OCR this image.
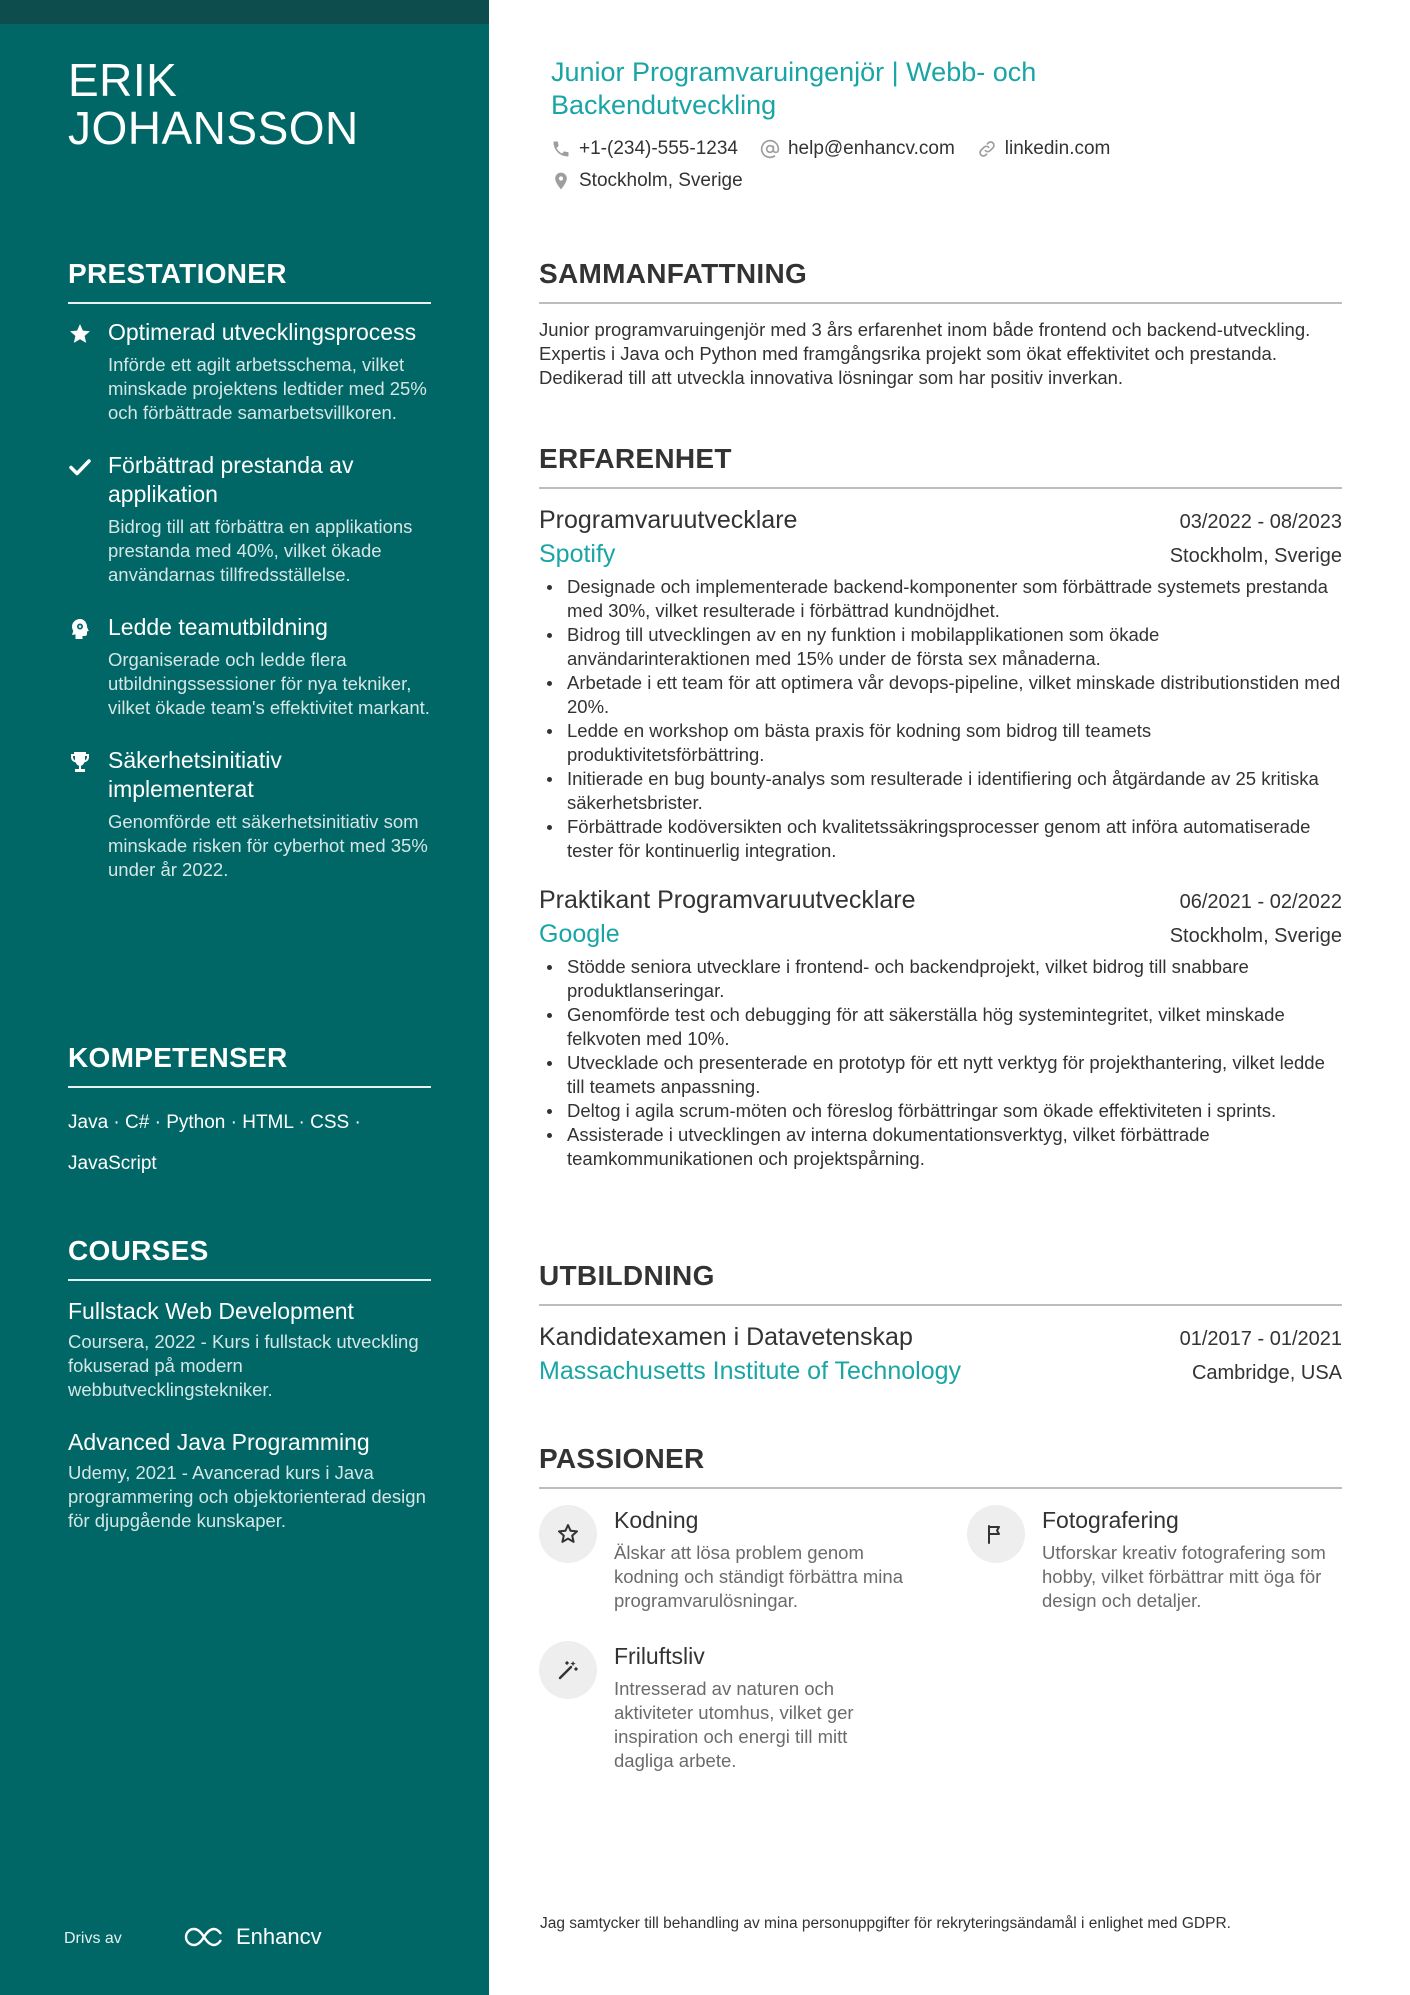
ERIK
JOHANSSON
PRESTATIONER
Optimerad utvecklingsprocess
Införde ett agilt arbetsschema, vilket minskade projektens ledtider med 25% och förbättrade samarbetsvillkoren.
Förbättrad prestanda av applikation
Bidrog till att förbättra en applikations prestanda med 40%, vilket ökade användarnas tillfredsställelse.
Ledde teamutbildning
Organiserade och ledde flera utbildningssessioner för nya tekniker, vilket ökade team's effektivitet markant.
Säkerhetsinitiativ implementerat
Genomförde ett säkerhetsinitiativ som minskade risken för cyberhot med 35% under år 2022.
KOMPETENSER
Java · C# · Python · HTML · CSS ·
JavaScript
COURSES
Fullstack Web Development
Coursera, 2022 - Kurs i fullstack utveckling fokuserad på modern webbutvecklingstekniker.
Advanced Java Programming
Udemy, 2021 - Avancerad kurs i Java programmering och objektorienterad design för djupgående kunskaper.
Drivs av	Enhancv
Junior Programvaruingenjör | Webb- och Backendutveckling
+1-(234)-555-1234	help@enhancv.com	linkedin.com
Stockholm, Sverige
SAMMANFATTNING

Junior programvaruingenjör med 3 års erfarenhet inom både frontend och backend-utveckling. Expertis i Java och Python med framgångsrika projekt som ökat effektivitet och prestanda. Dedikerad till att utveckla innovativa lösningar som har positiv inverkan.

ERFARENHET
Programvaruutvecklare	03/2022 - 08/2023
Spotify	Stockholm, Sverige
Designade och implementerade backend-komponenter som förbättrade systemets prestanda med 30%, vilket resulterade i förbättrad kundnöjdhet.
Bidrog till utvecklingen av en ny funktion i mobilapplikationen som ökade användarinteraktionen med 15% under de första sex månaderna.
Arbetade i ett team för att optimera vår devops-pipeline, vilket minskade distributionstiden med 20%.
Ledde en workshop om bästa praxis för kodning som bidrog till teamets produktivitetsförbättring.
Initierade en bug bounty-analys som resulterade i identifiering och åtgärdande av 25 kritiska säkerhetsbrister.
Förbättrade kodöversikten och kvalitetssäkringsprocesser genom att införa automatiserade tester för kontinuerlig integration.
Praktikant Programvaruutvecklare	06/2021 - 02/2022
Google	Stockholm, Sverige
Stödde seniora utvecklare i frontend- och backendprojekt, vilket bidrog till snabbare produktlanseringar.
Genomförde test och debugging för att säkerställa hög systemintegritet, vilket minskade felkvoten med 10%.
Utvecklade och presenterade en prototyp för ett nytt verktyg för projekthantering, vilket ledde till teamets anpassning.
Deltog i agila scrum-möten och föreslog förbättringar som ökade effektiviteten i sprints.
Assisterade i utvecklingen av interna dokumentationsverktyg, vilket förbättrade teamkommunikationen och projektspårning.
UTBILDNING
Kandidatexamen i Datavetenskap	01/2017 - 01/2021
Massachusetts Institute of Technology	Cambridge, USA
PASSIONER
Kodning
Älskar att lösa problem genom kodning och ständigt förbättra mina programvarulösningar.
Fotografering
Utforskar kreativ fotografering som hobby, vilket förbättrar mitt öga för design och detaljer.
Friluftsliv
Intresserad av naturen och aktiviteter utomhus, vilket ger inspiration och energi till mitt dagliga arbete.
Jag samtycker till behandling av mina personuppgifter för rekryteringsändamål i enlighet med GDPR.
